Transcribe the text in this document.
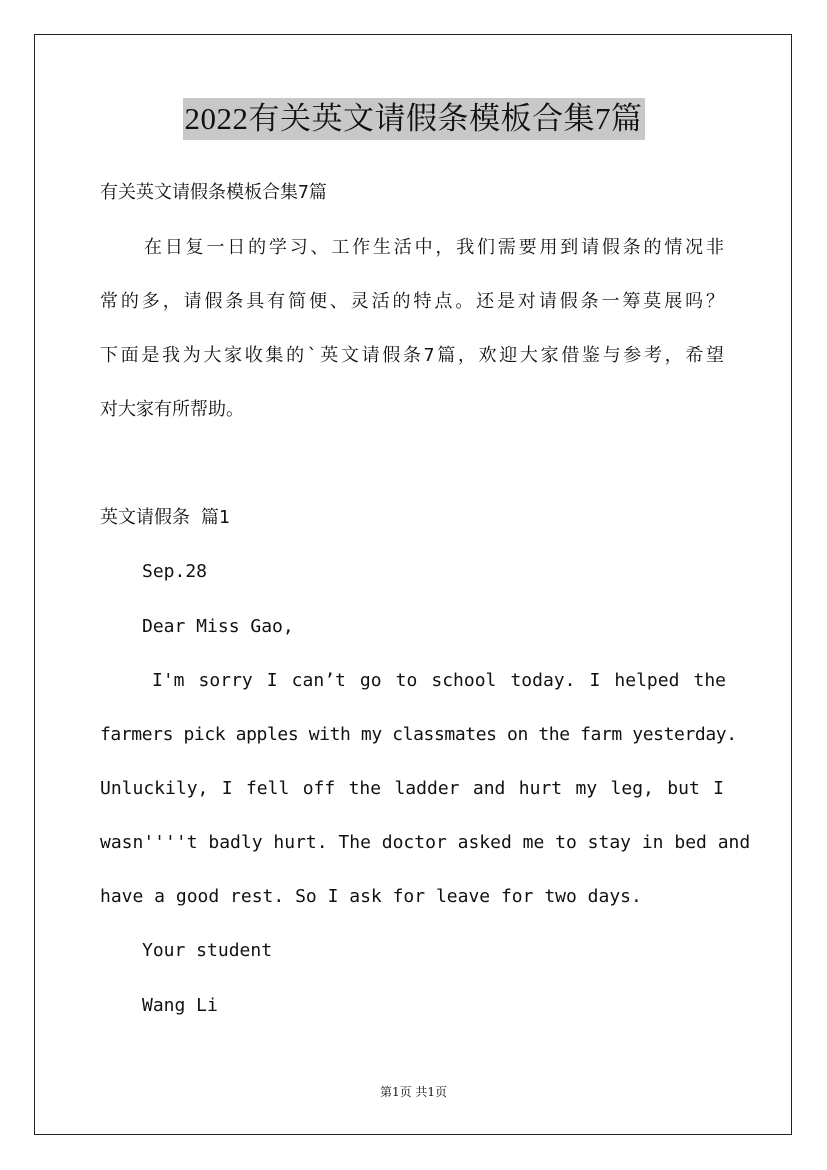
2022有关英文请假条模板合集7篇
有关英文请假条模板合集7篇
在日复一日的学习、工作生活中，我们需要用到请假条的情况非
常的多，请假条具有简便、灵活的特点。还是对请假条一筹莫展吗？
下面是我为大家收集的`英文请假条7篇，欢迎大家借鉴与参考，希望
对大家有所帮助。
英文请假条 篇1
Sep.28
Dear Miss Gao,
I'm sorry I can’t go to school today. I helped the
farmers pick apples with my classmates on the farm yesterday.
Unluckily, I fell off the ladder and hurt my leg, but I
wasn''''t badly hurt. The doctor asked me to stay in bed and
have a good rest. So I ask for leave for two days.
Your student
Wang Li
第1页 共1页
